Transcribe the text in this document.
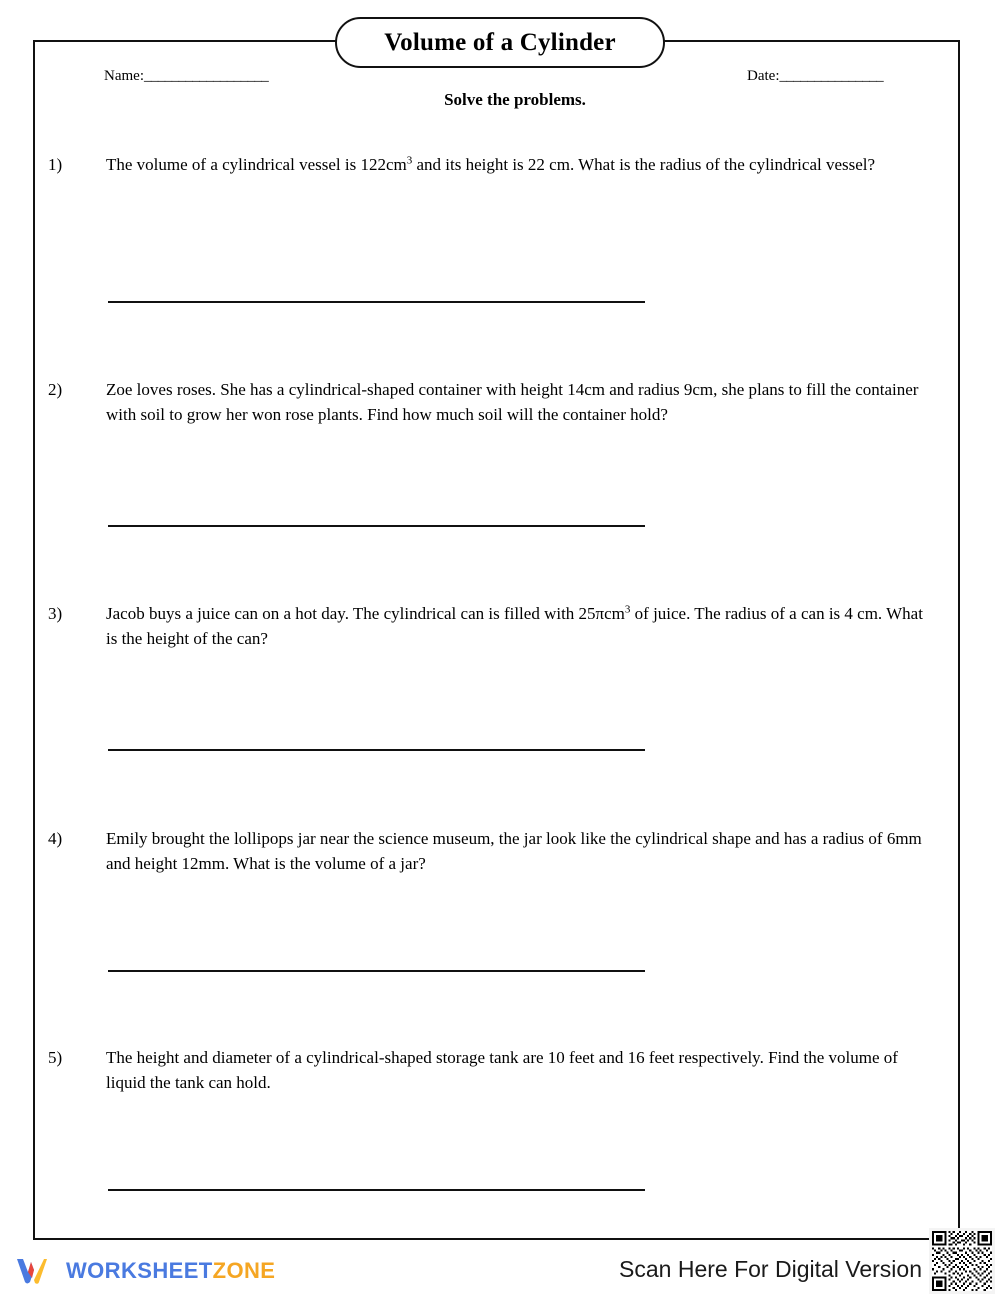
Volume of a Cylinder
Name:__________________	Date:_______________
Solve the problems.
1)	The volume of a cylindrical vessel is $122cm^3$ and its height is 22 cm. What is the radius of the cylindrical vessel?
2)	Zoe loves roses. She has a cylindrical-shaped container with height 14cm and radius 9cm, she plans to fill the container with soil to grow her won rose plants. Find how much soil will the container hold?
3)	Jacob buys a juice can on a hot day. The cylindrical can is filled with 25πcm$^3$ of juice. The radius of a can is 4 cm. What is the height of the can?
4)	Emily brought the lollipops jar near the science museum, the jar look like the cylindrical shape and has a radius of 6mm and height 12mm. What is the volume of a jar?
5)	The height and diameter of a cylindrical-shaped storage tank are 10 feet and 16 feet respectively. Find the volume of liquid the tank can hold.
WORKSHEETZONE	Scan Here For Digital Version
